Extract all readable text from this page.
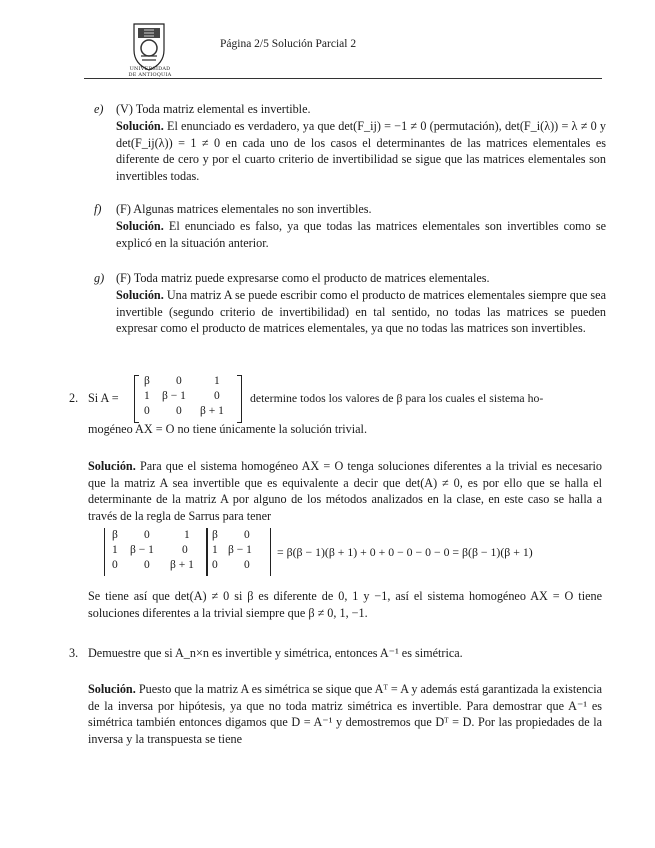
UNIVERSIDAD
DE ANTIOQUIA
Página 2/5 Solución Parcial 2
e) (V) Toda matriz elemental es invertible.
Solución. El enunciado es verdadero, ya que det(F_ij) = −1 ≠ 0 (permutación), det(F_i(λ)) = λ ≠ 0 y det(F_ij(λ)) = 1 ≠ 0 en cada uno de los casos el determinantes de las matrices elementales es diferente de cero y por el cuarto criterio de invertibilidad se sigue que las matrices elementales son invertibles todas.
f) (F) Algunas matrices elementales no son invertibles.
Solución. El enunciado es falso, ya que todas las matrices elementales son invertibles como se explicó en la situación anterior.
g) (F) Toda matriz puede expresarse como el producto de matrices elementales.
Solución. Una matriz A se puede escribir como el producto de matrices elementales siempre que sea invertible (segundo criterio de invertibilidad) en tal sentido, no todas las matrices se pueden expresar como el producto de matrices elementales, ya que no todas las matrices son invertibles.
2. Si A =
β 0	1
1 β − 1 0
0 0 β + 1
determine todos los valores de β para los cuales el sistema ho-
mogéneo AX = O no tiene únicamente la solución trivial.
Solución. Para que el sistema homogéneo AX = O tenga soluciones diferentes a la trivial es necesario que la matriz A sea invertible que es equivalente a decir que det(A) ≠ 0, es por ello que se halla el determinante de la matriz A por alguno de los métodos analizados en la clase, en este caso se halla a través de la regla de Sarrus para tener
β 0	1
1 β − 1 0
0 0 β + 1
β 0
1 β − 1
0 0
= β(β − 1)(β + 1) + 0 + 0 − 0 − 0 − 0 = β(β − 1)(β + 1)
Se tiene así que det(A) ≠ 0 si β es diferente de 0, 1 y −1, así el sistema homogéneo AX = O tiene soluciones diferentes a la trivial siempre que β ≠ 0, 1, −1.
3. Demuestre que si A_n×n es invertible y simétrica, entonces A⁻¹ es simétrica.
Solución. Puesto que la matriz A es simétrica se sique que Aᵀ = A y además está garantizada la existencia de la inversa por hipótesis, ya que no toda matriz simétrica es invertible. Para demostrar que A⁻¹ es simétrica también entonces digamos que D = A⁻¹ y demostremos que Dᵀ = D. Por las propiedades de la inversa y la transpuesta se tiene
